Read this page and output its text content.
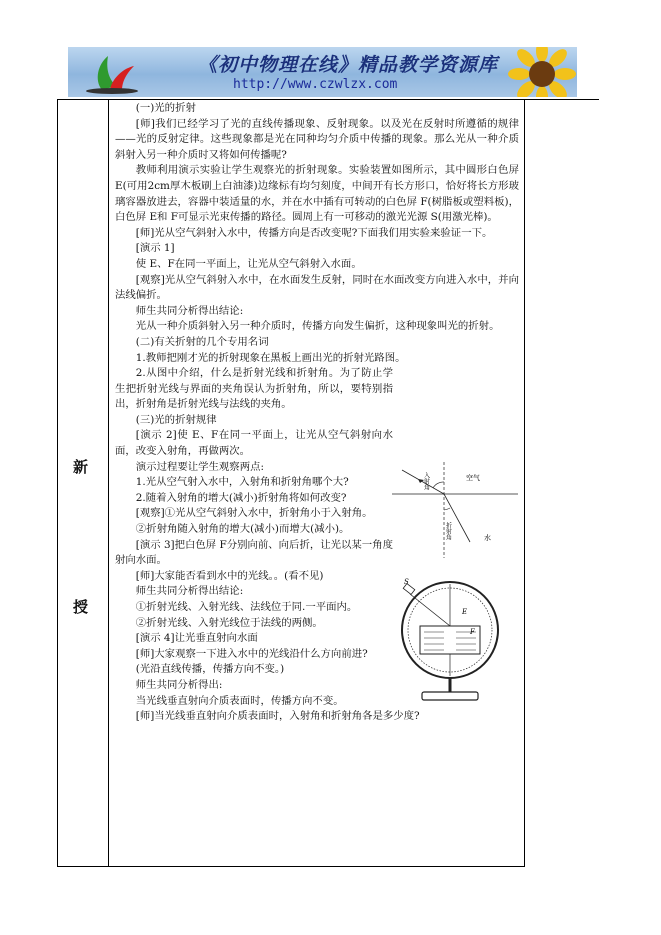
《初中物理在线》精品教学资源库
http://www.czwlzx.com
新
授

(一)光的折射

[师]我们已经学习了光的直线传播现象、反射现象。以及光在反射时所遵循的规律——光的反射定律。这些现象都是光在同种均匀介质中传播的现象。那么光从一种介质斜射入另一种介质时又将如何传播呢?

教师利用演示实验让学生观察光的折射现象。实验装置如图所示，其中圆形白色屏 E(可用2cm厚木板刷上白油漆)边缘标有均匀刻度，中间开有长方形口，恰好将长方形玻璃容器放进去，容器中装适量的水，并在水中插有可转动的白色屏 F(树脂板或塑料板)，白色屏 E和 F可显示光束传播的路径。圆周上有一可移动的激光光源 S(用激光棒)。

[师]光从空气斜射入水中，传播方向是否改变呢?下面我们用实验来验证一下。

[演示 1]

使 E、F在同一平面上，让光从空气斜射入水面。

[观察]光从空气斜射入水中，在水面发生反射，同时在水面改变方向进入水中，并向法线偏折。

师生共同分析得出结论:

光从一种介质斜射入另一种介质时，传播方向发生偏折，这种现象叫光的折射。

(二)有关折射的几个专用名词

1.教师把刚才光的折射现象在黑板上画出光的折射光路图。

2.从图中介绍，什么是折射光线和折射角。为了防止学生把折射光线与界面的夹角误认为折射角，所以，要特别指出，折射角是折射光线与法线的夹角。

(三)光的折射规律

[演示 2]使 E、F在同一平面上，让光从空气斜射向水面，改变入射角，再做两次。

演示过程要让学生观察两点:

1.光从空气射入水中，入射角和折射角哪个大?

2.随着入射角的增大(减小)折射角将如何改变?

[观察]①光从空气斜射入水中，折射角小于入射角。

②折射角随入射角的增大(减小)而增大(减小)。

[演示 3]把白色屏 F分别向前、向后折，让光以某一角度射向水面。

[师]大家能否看到水中的光线。。(看不见)

师生共同分析得出结论:

①折射光线、入射光线、法线位于同.一平面内。

②折射光线、入射光线位于法线的两侧。

[演示 4]让光垂直射向水面

[师]大家观察一下进入水中的光线沿什么方向前进?

(光沿直线传播，传播方向不变。)

师生共同分析得出:

当光线垂直射向介质表面时，传播方向不变。

[师]当光线垂直射向介质表面时，入射角和折射角各是多少度?

空气
水
入射角
折射角
S
E
F
